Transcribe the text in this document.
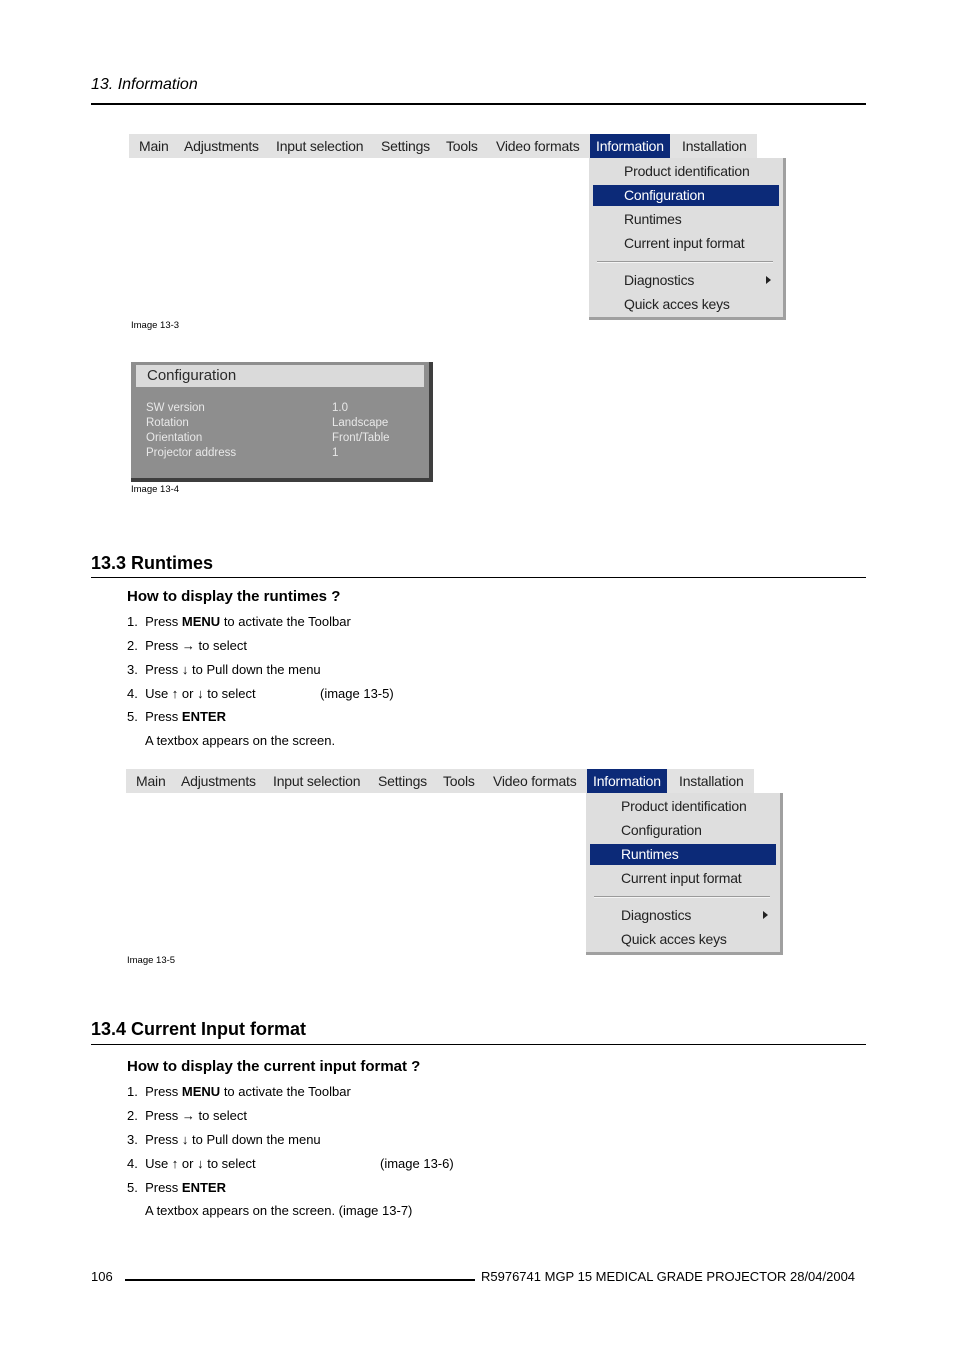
13. Information
Main Adjustments Input selection Settings Tools Video formats	Information	Installation
Product identification
Configuration
Runtimes
Current input format
Diagnostics
Quick acces keys
Image 13-3
Configuration
SW version	1.0
Rotation	Landscape
Orientation	Front/Table
Projector address	1
Image 13-4
13.3 Runtimes
How to display the runtimes ?
1. Press MENU to activate the Toolbar
2. Press → to select
3. Press ↓ to Pull down the menu
4. Use ↑ or ↓ to select	(image 13-5)
5. Press ENTER
A textbox appears on the screen.
Main Adjustments Input selection Settings Tools Video formats	Information	Installation
Product identification
Configuration
Runtimes
Current input format
Diagnostics
Quick acces keys
Image 13-5
13.4 Current Input format
How to display the current input format ?
1. Press MENU to activate the Toolbar
2. Press → to select
3. Press ↓ to Pull down the menu
4. Use ↑ or ↓ to select	(image 13-6)
5. Press ENTER
A textbox appears on the screen. (image 13-7)
106	R5976741 MGP 15 MEDICAL GRADE PROJECTOR 28/04/2004
